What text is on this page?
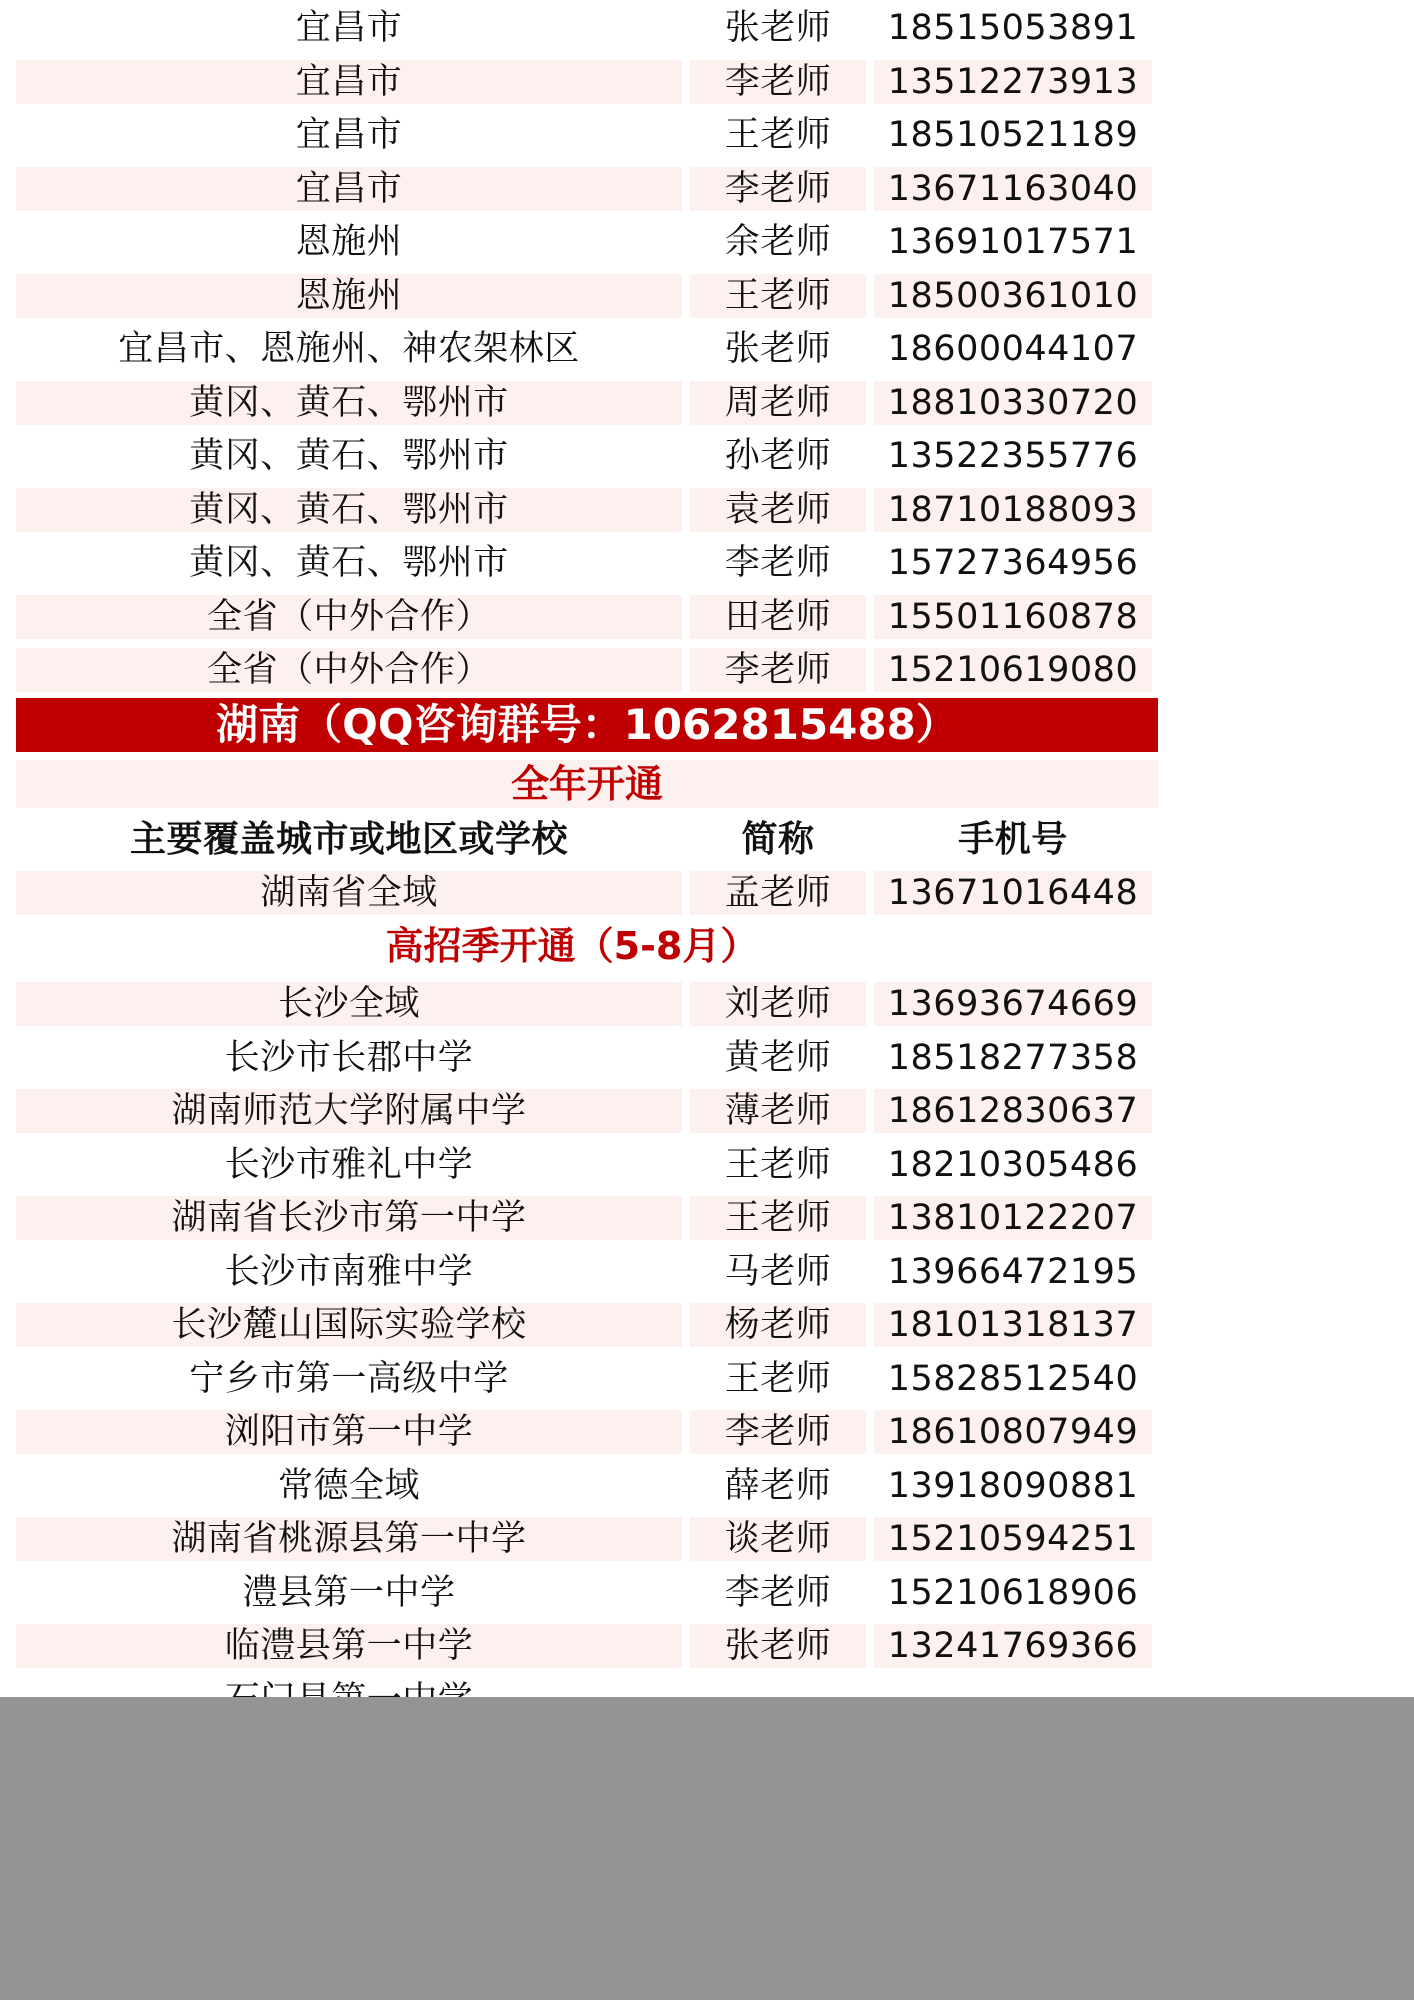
宜昌市	张老师	18515053891
宜昌市	李老师	13512273913
宜昌市	王老师	18510521189
宜昌市	李老师	13671163040
恩施州	余老师	13691017571
恩施州	王老师	18500361010
宜昌市、恩施州、神农架林区	张老师	18600044107
黄冈、黄石、鄂州市	周老师	18810330720
黄冈、黄石、鄂州市	孙老师	13522355776
黄冈、黄石、鄂州市	袁老师	18710188093
黄冈、黄石、鄂州市	李老师	15727364956
全省（中外合作）	田老师	15501160878
全省（中外合作）	李老师	15210619080
湖南（QQ咨询群号：1062815488）
全年开通
主要覆盖城市或地区或学校	简称	手机号
湖南省全域	孟老师	13671016448
高招季开通（5-8月）
长沙全域	刘老师	13693674669
长沙市长郡中学	黄老师	18518277358
湖南师范大学附属中学	薄老师	18612830637
长沙市雅礼中学	王老师	18210305486
湖南省长沙市第一中学	王老师	13810122207
长沙市南雅中学	马老师	13966472195
长沙麓山国际实验学校	杨老师	18101318137
宁乡市第一高级中学	王老师	15828512540
浏阳市第一中学	李老师	18610807949
常德全域	薛老师	13918090881
湖南省桃源县第一中学	谈老师	15210594251
澧县第一中学	李老师	15210618906
临澧县第一中学	张老师	13241769366
